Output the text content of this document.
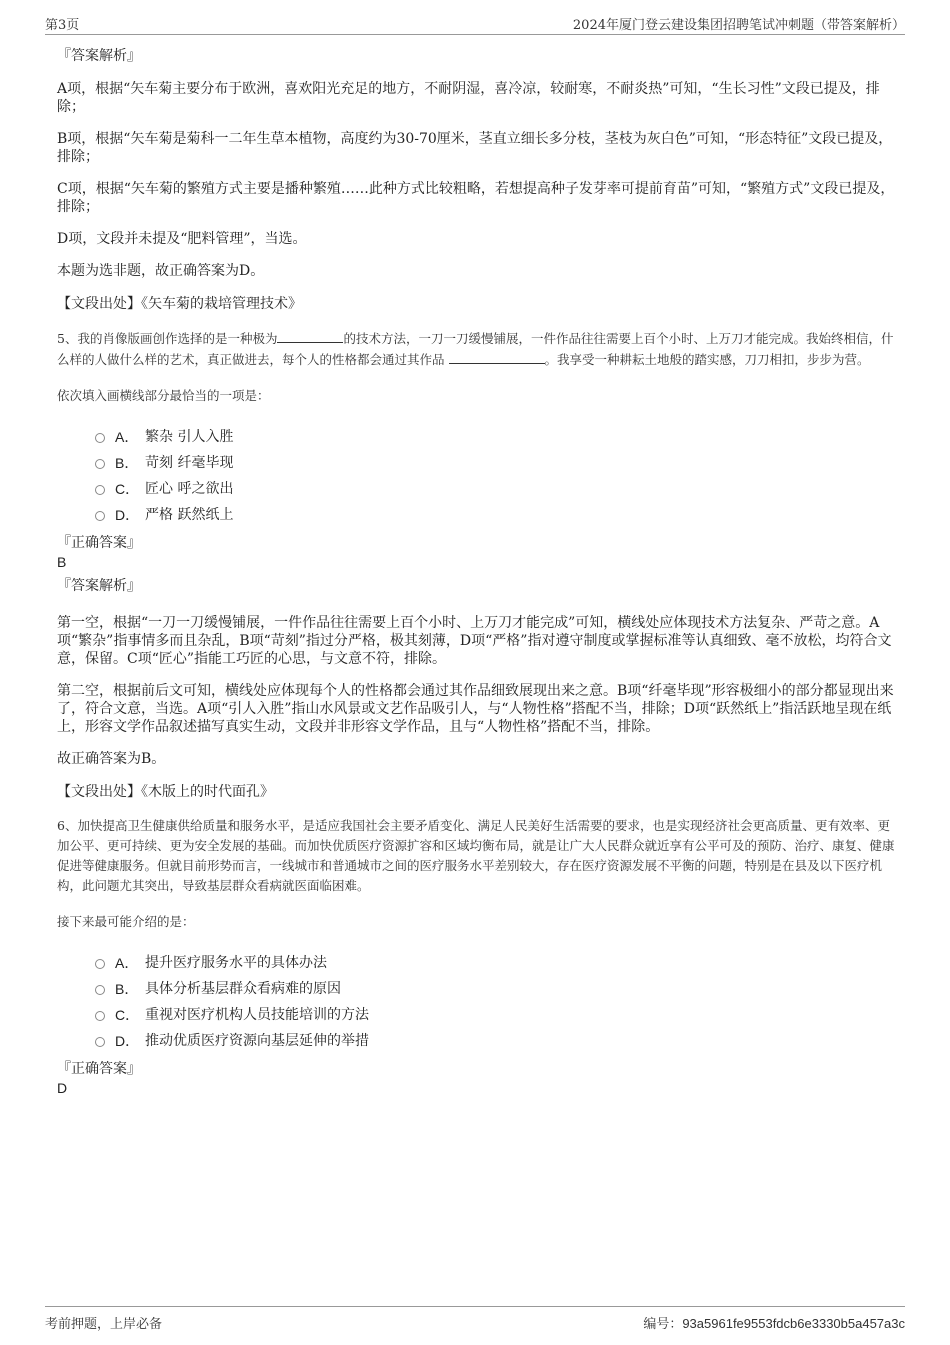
第3页	2024年厦门登云建设集团招聘笔试冲刺题（带答案解析）
『答案解析』

A项，根据“矢车菊主要分布于欧洲，喜欢阳光充足的地方，不耐阴湿，喜冷凉，较耐寒，不耐炎热”可知，“生长习性”文段已提及，排除；

B项，根据“矢车菊是菊科一二年生草本植物，高度约为30-70厘米，茎直立细长多分枝，茎枝为灰白色”可知，“形态特征”文段已提及，排除；

C项，根据“矢车菊的繁殖方式主要是播种繁殖……此种方式比较粗略，若想提高种子发芽率可提前育苗”可知，“繁殖方式”文段已提及，排除；

D项，文段并未提及“肥料管理”，当选。

本题为选非题，故正确答案为D。

【文段出处】《矢车菊的栽培管理技术》

5、我的肖像版画创作选择的是一种极为	的技术方法，一刀一刀缓慢铺展，一件作品往往需要上百个小时、上万刀才能完成。我始终相信，什么样的人做什么样的艺术，真正做进去，每个人的性格都会通过其作品	。我享受一种耕耘土地般的踏实感，刀刀相扣，步步为营。

依次填入画横线部分最恰当的一项是：
A． 繁杂 引人入胜
B． 苛刻 纤毫毕现
C． 匠心 呼之欲出
D． 严格 跃然纸上
『正确答案』
B
『答案解析』

第一空，根据“一刀一刀缓慢铺展，一件作品往往需要上百个小时、上万刀才能完成”可知，横线处应体现技术方法复杂、严苛之意。A项“繁杂”指事情多而且杂乱，B项“苛刻”指过分严格，极其刻薄，D项“严格”指对遵守制度或掌握标准等认真细致、毫不放松，均符合文意，保留。C项“匠心”指能工巧匠的心思，与文意不符，排除。

第二空，根据前后文可知，横线处应体现每个人的性格都会通过其作品细致展现出来之意。B项“纤毫毕现”形容极细小的部分都显现出来了，符合文意，当选。A项“引人入胜”指山水风景或文艺作品吸引人，与“人物性格”搭配不当，排除；D项“跃然纸上”指活跃地呈现在纸上，形容文学作品叙述描写真实生动，文段并非形容文学作品，且与“人物性格”搭配不当，排除。

故正确答案为B。

【文段出处】《木版上的时代面孔》

6、加快提高卫生健康供给质量和服务水平，是适应我国社会主要矛盾变化、满足人民美好生活需要的要求，也是实现经济社会更高质量、更有效率、更加公平、更可持续、更为安全发展的基础。而加快优质医疗资源扩容和区域均衡布局，就是让广大人民群众就近享有公平可及的预防、治疗、康复、健康促进等健康服务。但就目前形势而言，一线城市和普通城市之间的医疗服务水平差别较大，存在医疗资源发展不平衡的问题，特别是在县及以下医疗机构，此问题尤其突出，导致基层群众看病就医面临困难。

接下来最可能介绍的是：
A． 提升医疗服务水平的具体办法
B． 具体分析基层群众看病难的原因
C． 重视对医疗机构人员技能培训的方法
D． 推动优质医疗资源向基层延伸的举措
『正确答案』
D
考前押题，上岸必备	编号：93a5961fe9553fdcb6e3330b5a457a3c
